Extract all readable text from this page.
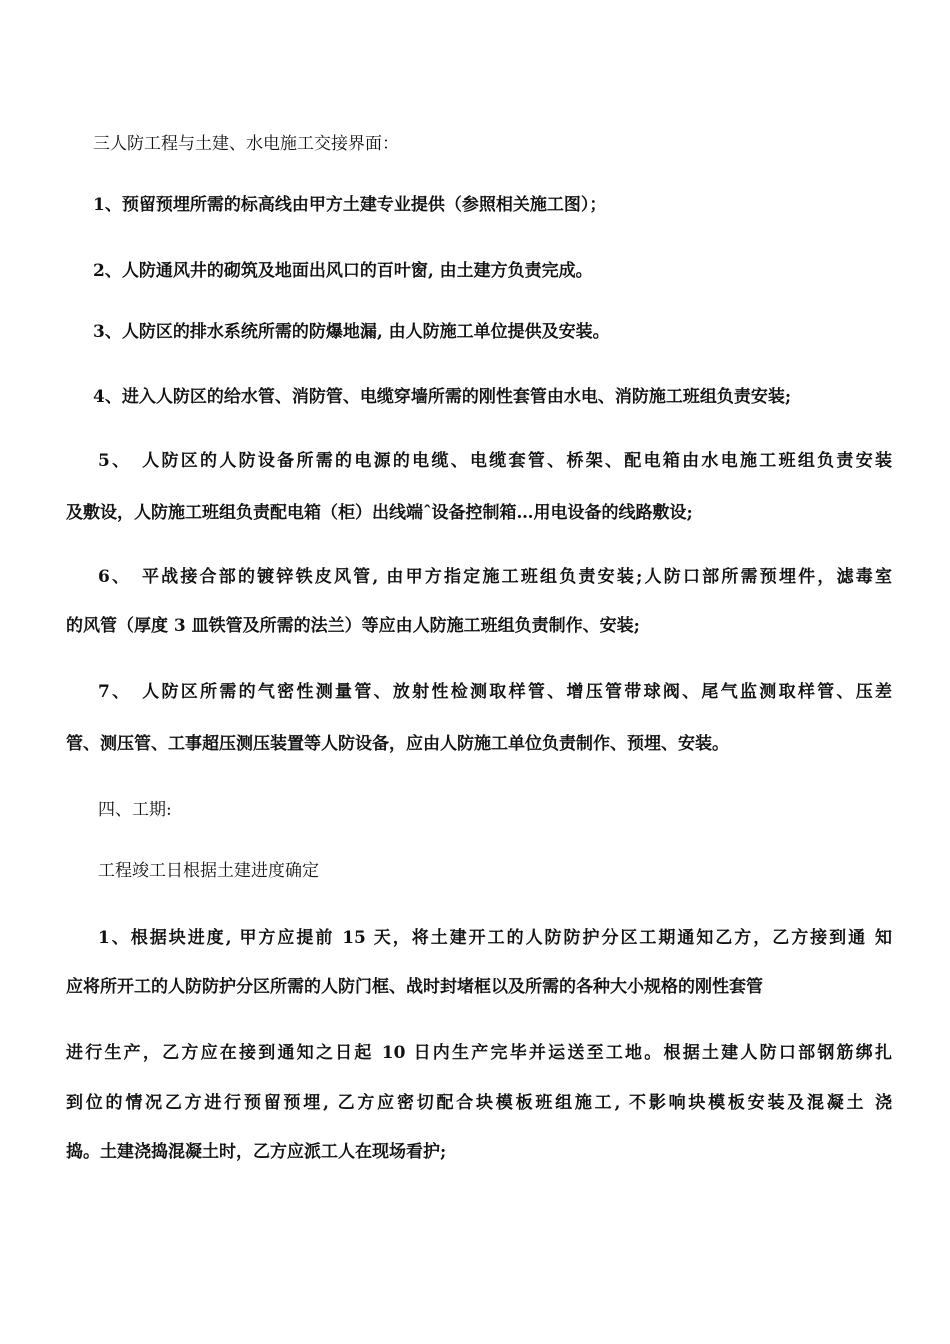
三人防工程与土建、水电施工交接界面：
1、预留预埋所需的标高线由甲方土建专业提供（参照相关施工图）；
2、人防通风井的砌筑及地面出风口的百叶窗, 由土建方负责完成。
3、人防区的排水系统所需的防爆地漏, 由人防施工单位提供及安装。
4、进入人防区的给水管、消防管、电缆穿墙所需的刚性套管由水电、消防施工班组负责安装;
5、　人防区的人防设备所需的电源的电缆、电缆套管、桥架、配电箱由水电施工班组负责安装
及敷设，人防施工班组负责配电箱（柜）出线端ˆ设备控制箱…用电设备的线路敷设;
6、　平战接合部的镀锌铁皮风管, 由甲方指定施工班组负责安装;人防口部所需预埋件，滤毒室
的风管（厚度 3 皿铁管及所需的法兰）等应由人防施工班组负责制作、安装;
7、　人防区所需的气密性测量管、放射性检测取样管、增压管带球阀、尾气监测取样管、压差
管、测压管、工事超压测压装置等人防设备，应由人防施工单位负责制作、预埋、安装。
四、工期:
工程竣工日根据土建进度确定
1、根据块进度, 甲方应提前 15 天，将土建开工的人防防护分区工期通知乙方，乙方接到通 知
应将所开工的人防防护分区所需的人防门框、战时封堵框以及所需的各种大小规格的刚性套管
进行生产，乙方应在接到通知之日起 10 日内生产完毕并运送至工地。根据土建人防口部钢筋绑扎
到位的情况乙方进行预留预埋, 乙方应密切配合块模板班组施工, 不影响块模板安装及混凝土 浇
捣。土建浇捣混凝土时，乙方应派工人在现场看护;
